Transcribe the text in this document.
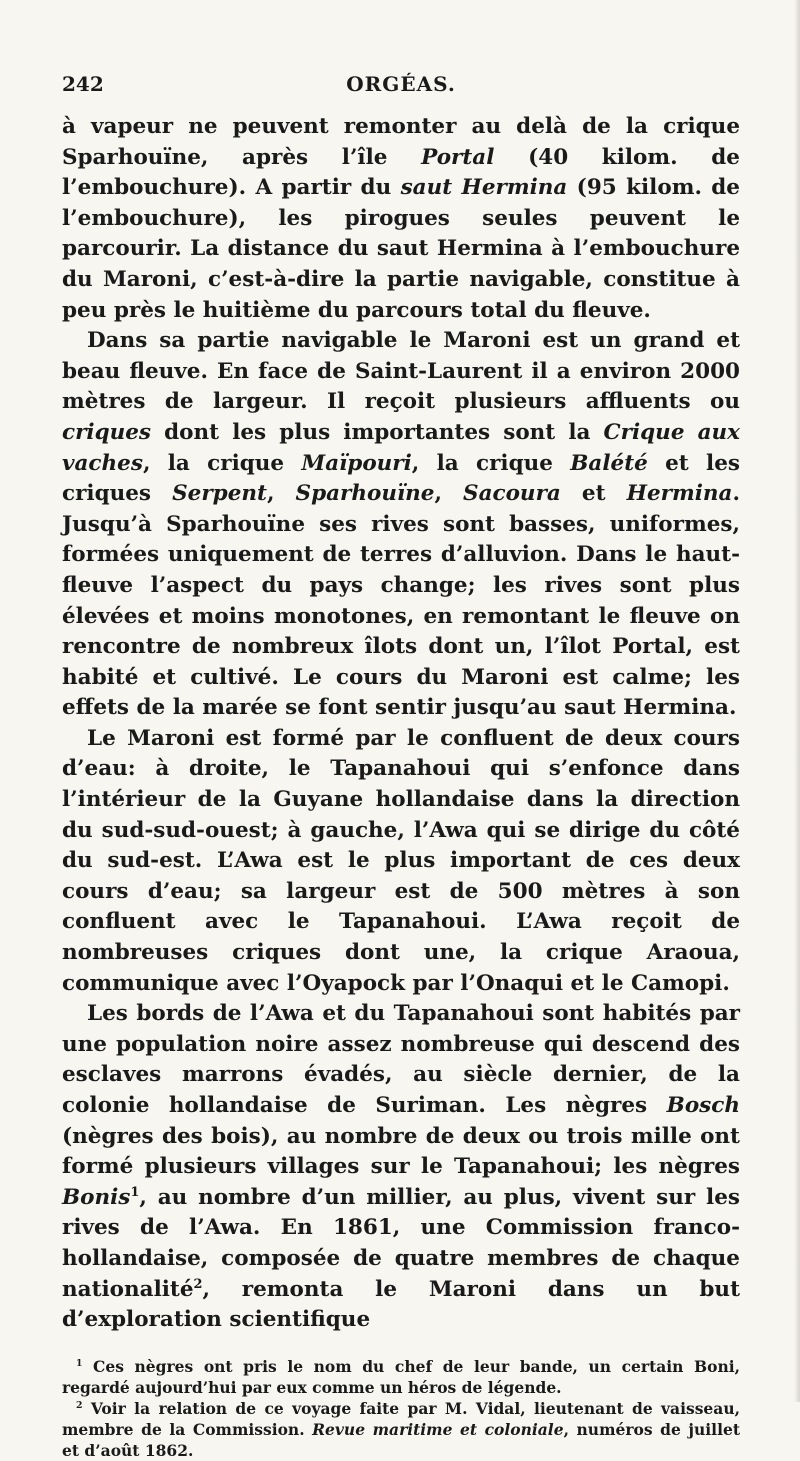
242	ORGÉAS.

à vapeur ne peuvent remonter au delà de la crique Sparhouïne, après l’île Portal (40 kilom. de l’embouchure). A partir du saut Hermina (95 kilom. de l’embouchure), les pirogues seules peuvent le parcourir. La distance du saut Hermina à l’embouchure du Maroni, c’est-à-dire la partie navigable, constitue à peu près le huitième du parcours total du fleuve.

Dans sa partie navigable le Maroni est un grand et beau fleuve. En face de Saint-Laurent il a environ 2000 mètres de largeur. Il reçoit plusieurs affluents ou criques dont les plus importantes sont la Crique aux vaches, la crique Maïpouri, la crique Balété et les criques Serpent, Sparhouïne, Sacoura et Hermina. Jusqu’à Sparhouïne ses rives sont basses, uniformes, formées uniquement de terres d’alluvion. Dans le haut-fleuve l’aspect du pays change; les rives sont plus élevées et moins monotones, en remontant le fleuve on rencontre de nombreux îlots dont un, l’îlot Portal, est habité et cultivé. Le cours du Maroni est calme; les effets de la marée se font sentir jusqu’au saut Hermina.

Le Maroni est formé par le confluent de deux cours d’eau: à droite, le Tapanahoui qui s’enfonce dans l’intérieur de la Guyane hollandaise dans la direction du sud-sud-ouest; à gauche, l’Awa qui se dirige du côté du sud-est. L’Awa est le plus important de ces deux cours d’eau; sa largeur est de 500 mètres à son confluent avec le Tapanahoui. L’Awa reçoit de nombreuses criques dont une, la crique Araoua, communique avec l’Oyapock par l’Onaqui et le Camopi.

Les bords de l’Awa et du Tapanahoui sont habités par une population noire assez nombreuse qui descend des esclaves marrons évadés, au siècle dernier, de la colonie hollandaise de Suriman. Les nègres Bosch (nègres des bois), au nombre de deux ou trois mille ont formé plusieurs villages sur le Tapanahoui; les nègres Bonis$^1$, au nombre d’un millier, au plus, vivent sur les rives de l’Awa. En 1861, une Commission franco-hollandaise, composée de quatre membres de chaque nationalité$^2$, remonta le Maroni dans un but d’exploration scientifique

$^1$ Ces nègres ont pris le nom du chef de leur bande, un certain Boni, regardé aujourd’hui par eux comme un héros de légende.

$^2$ Voir la relation de ce voyage faite par M. Vidal, lieutenant de vaisseau, membre de la Commission. Revue maritime et coloniale, numéros de juillet et d’août 1862.
